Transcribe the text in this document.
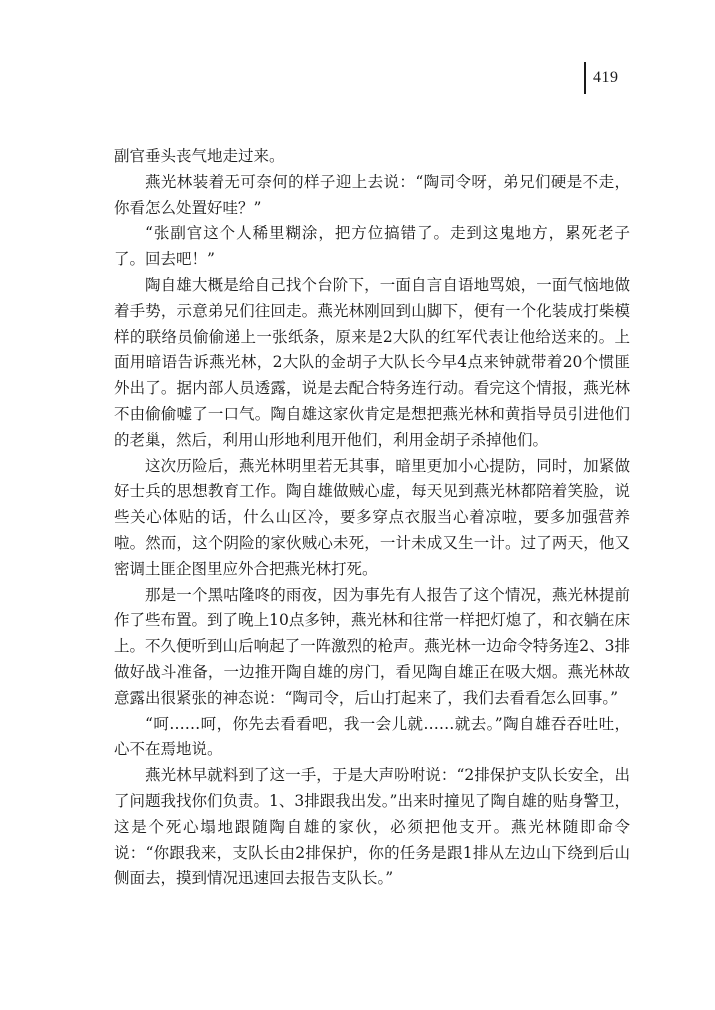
419

副官垂头丧气地走过来。

燕光林装着无可奈何的样子迎上去说：“陶司令呀，弟兄们硬是不走，你看怎么处置好哇？”

“张副官这个人稀里糊涂，把方位搞错了。走到这鬼地方，累死老子了。回去吧！”

陶自雄大概是给自己找个台阶下，一面自言自语地骂娘，一面气恼地做着手势，示意弟兄们往回走。燕光林刚回到山脚下，便有一个化装成打柴模样的联络员偷偷递上一张纸条，原来是2大队的红军代表让他给送来的。上面用暗语告诉燕光林，2大队的金胡子大队长今早4点来钟就带着20个惯匪外出了。据内部人员透露，说是去配合特务连行动。看完这个情报，燕光林不由偷偷嘘了一口气。陶自雄这家伙肯定是想把燕光林和黄指导员引进他们的老巢，然后，利用山形地利甩开他们，利用金胡子杀掉他们。

这次历险后，燕光林明里若无其事，暗里更加小心提防，同时，加紧做好士兵的思想教育工作。陶自雄做贼心虚，每天见到燕光林都陪着笑脸，说些关心体贴的话，什么山区冷，要多穿点衣服当心着凉啦，要多加强营养啦。然而，这个阴险的家伙贼心未死，一计未成又生一计。过了两天，他又密调土匪企图里应外合把燕光林打死。

那是一个黑咕隆咚的雨夜，因为事先有人报告了这个情况，燕光林提前作了些布置。到了晚上10点多钟，燕光林和往常一样把灯熄了，和衣躺在床上。不久便听到山后响起了一阵激烈的枪声。燕光林一边命令特务连2、3排做好战斗准备，一边推开陶自雄的房门，看见陶自雄正在吸大烟。燕光林故意露出很紧张的神态说：“陶司令，后山打起来了，我们去看看怎么回事。”

“呵……呵，你先去看看吧，我一会儿就……就去。”陶自雄吞吞吐吐，心不在焉地说。

燕光林早就料到了这一手，于是大声吩咐说：“2排保护支队长安全，出了问题我找你们负责。1、3排跟我出发。”出来时撞见了陶自雄的贴身警卫，这是个死心塌地跟随陶自雄的家伙，必须把他支开。燕光林随即命令说：“你跟我来，支队长由2排保护，你的任务是跟1排从左边山下绕到后山侧面去，摸到情况迅速回去报告支队长。”
